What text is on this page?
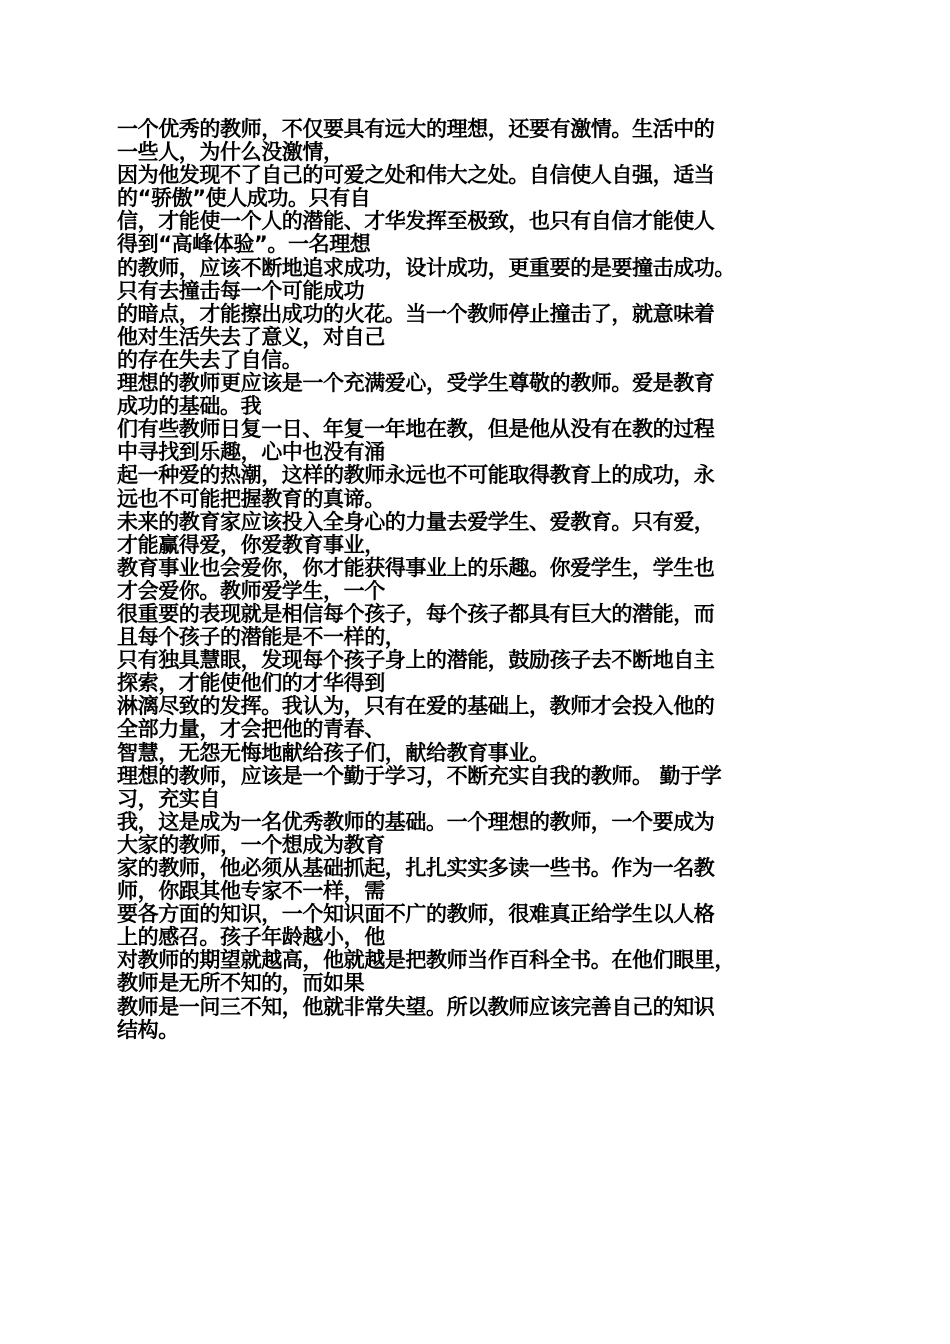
一个优秀的教师，不仅要具有远大的理想，还要有激情。生活中的
一些人，为什么没激情，
因为他发现不了自己的可爱之处和伟大之处。自信使人自强，适当
的“骄傲”使人成功。只有自
信，才能使一个人的潜能、才华发挥至极致，也只有自信才能使人
得到“高峰体验”。一名理想
的教师，应该不断地追求成功，设计成功，更重要的是要撞击成功。
只有去撞击每一个可能成功
的暗点，才能擦出成功的火花。当一个教师停止撞击了，就意味着
他对生活失去了意义，对自己
的存在失去了自信。
理想的教师更应该是一个充满爱心，受学生尊敬的教师。爱是教育
成功的基础。我
们有些教师日复一日、年复一年地在教，但是他从没有在教的过程
中寻找到乐趣，心中也没有涌
起一种爱的热潮，这样的教师永远也不可能取得教育上的成功，永
远也不可能把握教育的真谛。
未来的教育家应该投入全身心的力量去爱学生、爱教育。只有爱，
才能赢得爱，你爱教育事业，
教育事业也会爱你，你才能获得事业上的乐趣。你爱学生，学生也
才会爱你。教师爱学生，一个
很重要的表现就是相信每个孩子，每个孩子都具有巨大的潜能，而
且每个孩子的潜能是不一样的，
只有独具慧眼，发现每个孩子身上的潜能，鼓励孩子去不断地自主
探索，才能使他们的才华得到
淋漓尽致的发挥。我认为，只有在爱的基础上，教师才会投入他的
全部力量，才会把他的青春、
智慧，无怨无悔地献给孩子们，献给教育事业。
理想的教师，应该是一个勤于学习，不断充实自我的教师。 勤于学
习，充实自
我，这是成为一名优秀教师的基础。一个理想的教师，一个要成为
大家的教师，一个想成为教育
家的教师，他必须从基础抓起，扎扎实实多读一些书。作为一名教
师，你跟其他专家不一样，需
要各方面的知识，一个知识面不广的教师，很难真正给学生以人格
上的感召。孩子年龄越小，他
对教师的期望就越高，他就越是把教师当作百科全书。在他们眼里，
教师是无所不知的，而如果
教师是一问三不知，他就非常失望。所以教师应该完善自己的知识
结构。
